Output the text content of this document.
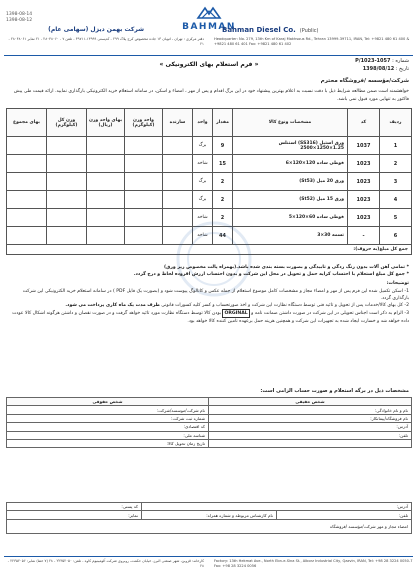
1398-08-14
1398-08-12
BAHMAN
شرکت بهمن دیزل (سهامی عام)	Bahman Diesel Co. (Public)
دفتر مرکزی : تهران ، اتوبان ۱۳ جاده مخصوص کرج پلاک ۲۹۹ - کدپستی ۱۳۹۹۹-۳۹۷۱۱ - تلفن ۷ - ۲۸۰۴۸۰۶۰ - ۲۱ نمابر ۲۸۰۴۸۰۶۱ - ۲۱
Headquarter: No. 279, 13th Km of Karaj Makhsous Rd., Tehran 13999-39711, IRAN, Tel: +9821 480 61 400 & +9821 480 61 401 Fax: +9821 480 61 402
شماره : P/1023-1057
تاریخ : 1398/08/12
« فرم استعلام بهای الکترونیکی »
شرکت/مؤسسه /فروشگاه محترم
خواهشمند است ضمن مطالعه شرایط ذیل با دقت نسبت به اعلام بهترین پیشنهاد خود در این برگ اقدام و پس از مهر ، امضاء و اسکن، در سامانه استعلام خرید الکترونیکی بارگذاری نمایید. ارائه قیمت طی پیش فاکتور به تنهایی مورد قبول نمی باشد.
بهای مجموع	وزن کل (کیلوگرم)	بهای واحد وزن (ریال)	واحد وزن (کیلوگرم)	سازنده	واحد	مقدار	مشخصات ونوع کالا	کد	ردیف
					برگ	9	ورق استیل (SS316) استنلس 1.25×1250×2500	1037	1
					شاخه	15	قوطی ساده 120×120×6	1023	2
					برگ	2	ورق 20 میل (St53)	1023	3
					برگ	2	ورق 15 میل (St52)	1023	4
					شاخه	2	قوطی ساده 60×120×5	1023	5
					شاخه	44	تسمه 30×3	-	6
جمع کل مبلغ(به حروف):									
* تمامی آهن آلات بدون زنگ زدگی و تابیدگی و بصورت بسته بندی شده باشد.(بهمراه پالت مخصوص زیر ورق)
* جمع کل مبلغ استعلام با احتساب کرایه حمل و تحویل در محل این شرکت و بدون احتساب ارزش افزوده لحاظ و درج گردد.
توضیحات:
1- اسکن تکمیل شده این فرم پس از مهر و امضاء مجاز و مشخصات کامل موضوع استعلام از جمله عکس و کاتالوگ پیوست شود و (بصورت یک فایل PDF ) در سامانه استعلام خرید الکترونیکی این شرکت بارگذاری گردد.
2- کل بهای کالا/خدمات پس از تحویل و تائید فنی توسط دستگاه نظارت این شرکت و اخذ صورتحساب و کسر کلیه کسورات قانونی ظرف مدت یک ماه کاری پرداخت می شود.
3- الزام به ذکر است اجناس تحویلی در این شرکت در صورت داشتن ضمانت نامه و ORGINAL بودن کالا توسط دستگاه نظارت مورد تائید خواهد گرفت و در صورت نقصان و داشتن هرگونه اشکال کالا عودت داده خواهد شد و خسارت ایجاد شده به تجهیزات این شرکت و همچنین هزینه حمل برعهده تامین کننده کالا خواهد بود.
مشخصات ذیل در برگه استعلام و صورت حساب الزامی است:
شخص حقوقی	شخص حقیقی
نام شرکت/موسسه/شرکت:	نام و نام خانوادگی:
شماره ثبت شرکت:	نام فروشگاه/پیمانکار:
کد اقتصادی:	آدرس:
شناسه ملی:	تلفن:
تاریخ زمان تحویل کالا:	
کد پستی:	آدرس:	
نمابر:	نام کارشناس مربوطه و شماره همراه:	تلفن:
امضاء مجاز و مهر شرکت/مؤسسه /فروشگاه		
کارخانه: قزوین، شهر صنعتی البرز، خیابان حکمت، روبروی شرکت آلومینیوم کاوه - تلفن: ۲۲۳۵۲۰۵۰ - ۲۸ (۷ خط) نمابر: ۲۲۳۵۲۰۵۶ - ۲۸
Factory: 13th Hekmat Ave., North Ebn-e-Sina St., Alborz Industrial City, Qazvin, IRAN, Tel: +98 28 3224 0050-7 Fax: +98 28 3224 0056
